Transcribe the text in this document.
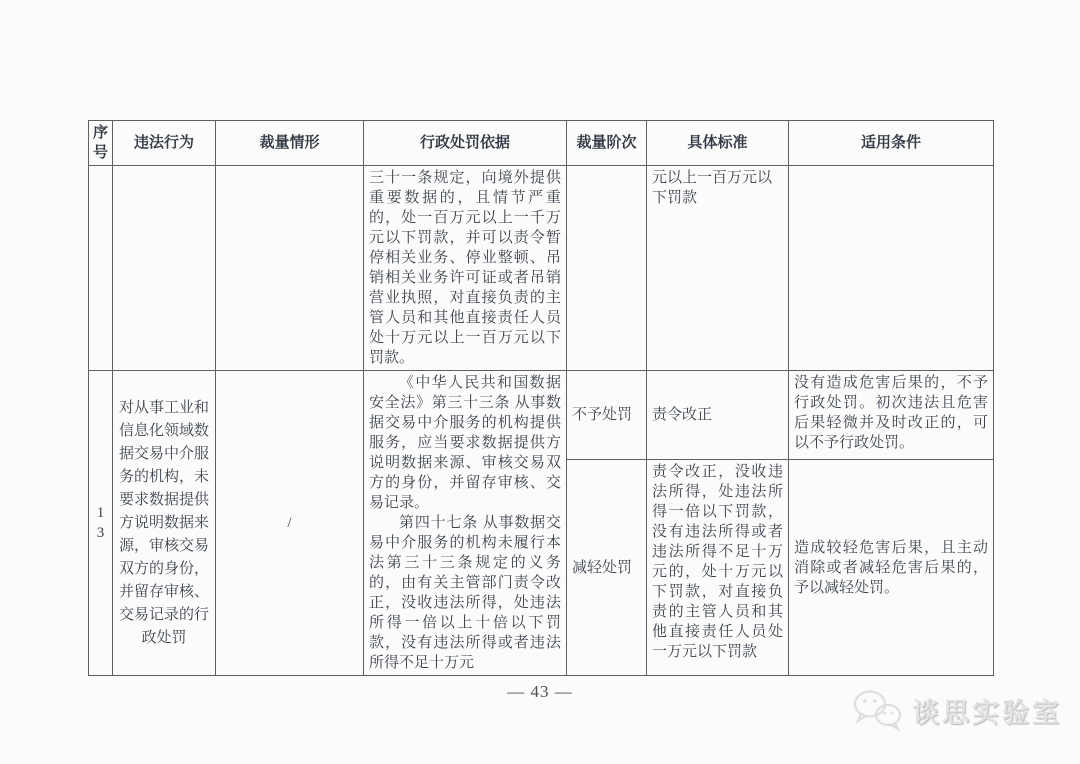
序号	违法行为	裁量情形	行政处罚依据	裁量阶次	具体标准	适用条件
			三十一条规定，向境外提供重要数据的，且情节严重的，处一百万元以上一千万元以下罚款，并可以责令暂停相关业务、停业整顿、吊销相关业务许可证或者吊销营业执照，对直接负责的主管人员和其他直接责任人员处十万元以上一百万元以下罚款。		元以上一百万元以下罚款	
13	对从事工业和信息化领域数据交易中介服务的机构，未要求数据提供方说明数据来源，审核交易双方的身份，并留存审核、交易记录的行政处罚	/	《中华人民共和国数据安全法》第三十三条 从事数据交易中介服务的机构提供服务，应当要求数据提供方说明数据来源、审核交易双方的身份，并留存审核、交易记录。

第四十七条 从事数据交易中介服务的机构未履行本法第三十三条规定的义务的，由有关主管部门责令改正，没收违法所得，处违法所得一倍以上十倍以下罚款，没有违法所得或者违法所得不足十万元	不予处罚	责令改正	没有造成危害后果的，不予行政处罚。初次违法且危害后果轻微并及时改正的，可以不予行政处罚。
				减轻处罚	责令改正，没收违法所得，处违法所得一倍以下罚款，没有违法所得或者违法所得不足十万元的，处十万元以下罚款，对直接负责的主管人员和其他直接责任人员处一万元以下罚款	造成较轻危害后果，且主动消除或者减轻危害后果的，予以减轻处罚。
— 43 —
谈思实验室
